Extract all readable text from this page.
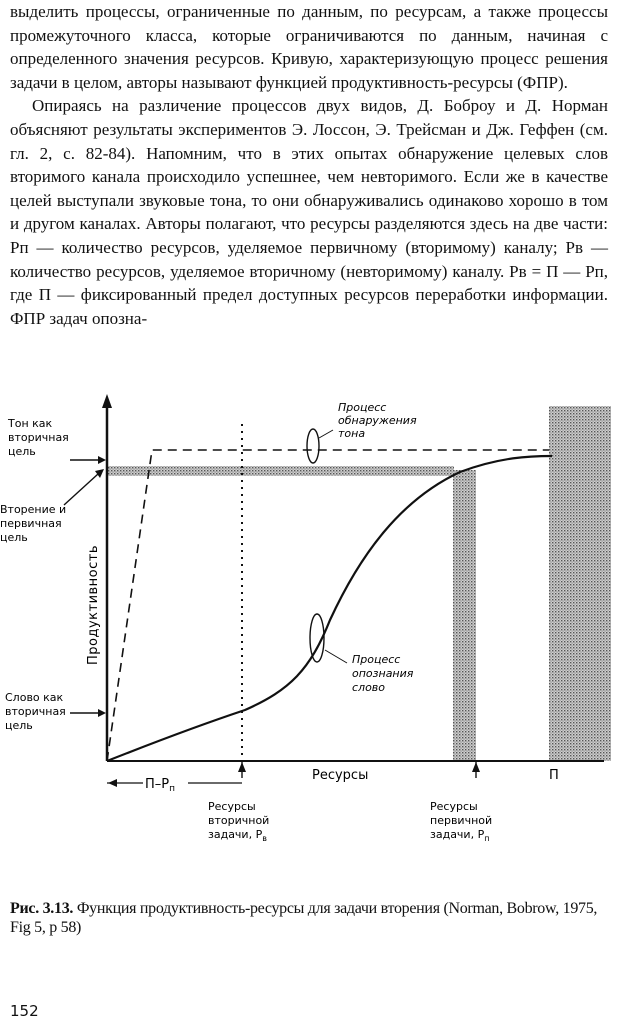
выделить процессы, ограниченные по данным, по ресурсам, а также процессы промежуточного класса, которые ограничиваются по данным, начиная с определенного значения ресурсов. Кривую, характеризующую процесс решения задачи в целом, авторы называют функцией продуктивность-ресурсы (ФПР).

Опираясь на различение процессов двух видов, Д. Боброу и Д. Норман объясняют результаты экспериментов Э. Лоссон, Э. Трейсман и Дж. Геффен (см. гл. 2, с. 82-84). Напомним, что в этих опытах обнаружение целевых слов вторимого канала происходило успешнее, чем невторимого. Если же в качестве целей выступали звуковые тона, то они обнаруживались одинаково хорошо в том и другом каналах. Авторы полагают, что ресурсы разделяются здесь на две части: Рп — количество ресурсов, уделяемое первичному (вторимому) каналу; Рв — количество ресурсов, уделяемое вторичному (невторимому) каналу. Рв = П — Рп, где П — фиксированный предел доступных ресурсов переработки информации. ФПР задач опозна-

Продуктивность
Тон как
вторичная
цель
Вторение и
первичная
цель
Слово как
вторичная
цель
Процесс
обнаружения
тона
Процесс
опознания
слово
Ресурсы	П
$П-Р_п$
Ресурсы
вторичной
задачи, $Р_в$
Ресурсы
первичной
задачи, $Р_п$
Рис. 3.13. Функция продуктивность-ресурсы для задачи вторения (Norman, Bobrow, 1975, Fig 5, p 58)
152
